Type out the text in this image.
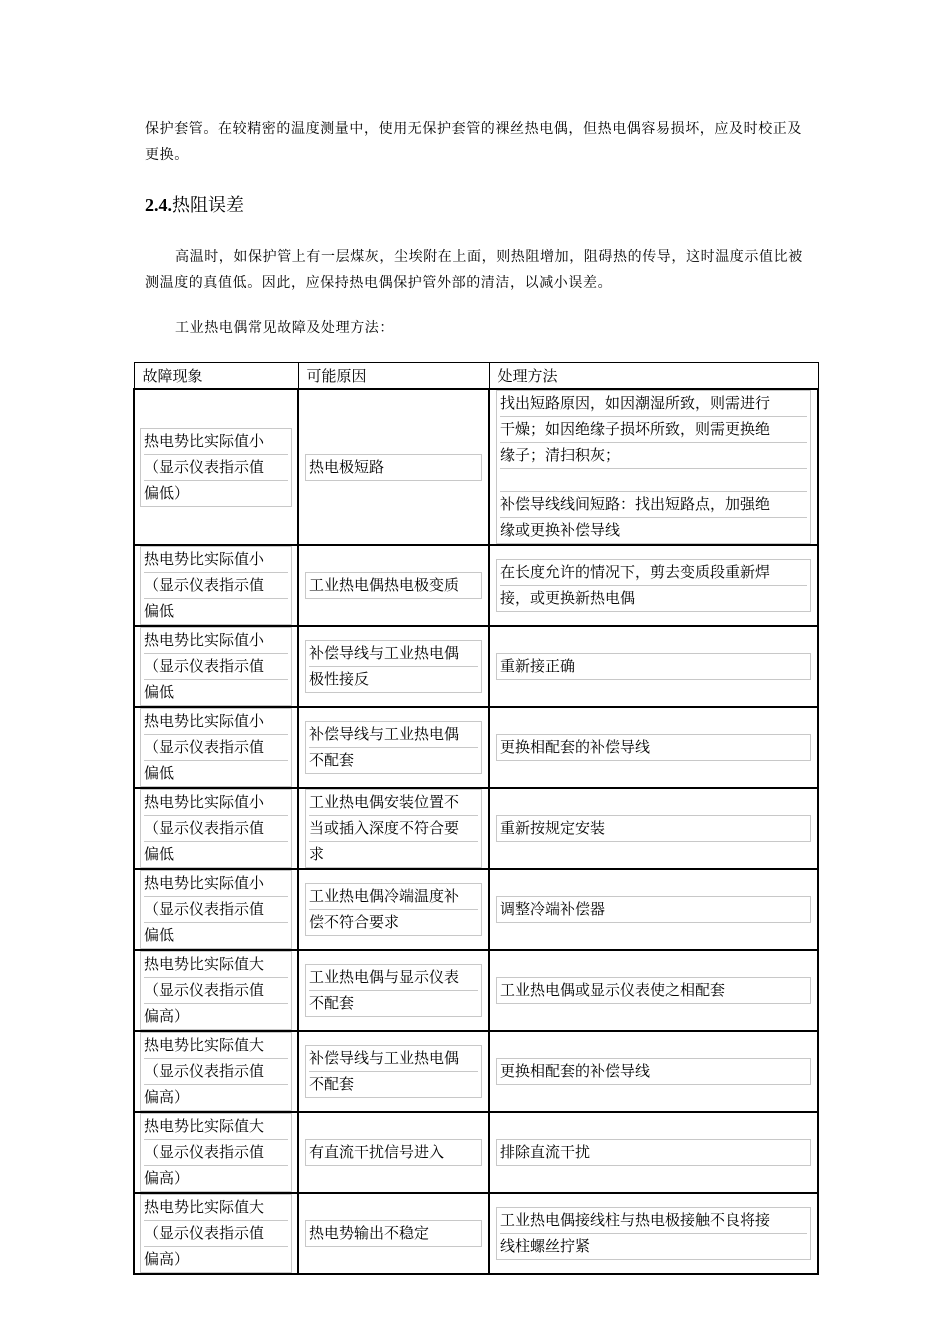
保护套管。在较精密的温度测量中，使用无保护套管的裸丝热电偶，但热电偶容易损坏，应及时校正及更换。
2.4.热阻误差
高温时，如保护管上有一层煤灰，尘埃附在上面，则热阻增加，阻碍热的传导，这时温度示值比被测温度的真值低。因此，应保持热电偶保护管外部的清洁，以减小误差。
工业热电偶常见故障及处理方法：
故障现象	可能原因	处理方法

热电势比实际值小
（显示仪表指示值
偏低）	热电极短路	找出短路原因，如因潮湿所致，则需进行
干燥；如因绝缘子损坏所致，则需更换绝
缘子；清扫积灰；
补偿导线线间短路：找出短路点，加强绝
缘或更换补偿导线

热电势比实际值小
（显示仪表指示值
偏低	工业热电偶热电极变质	在长度允许的情况下，剪去变质段重新焊
接，或更换新热电偶

热电势比实际值小
（显示仪表指示值
偏低	补偿导线与工业热电偶
极性接反	重新接正确

热电势比实际值小
（显示仪表指示值
偏低	补偿导线与工业热电偶
不配套	更换相配套的补偿导线

热电势比实际值小
（显示仪表指示值
偏低	工业热电偶安装位置不
当或插入深度不符合要
求	重新按规定安装

热电势比实际值小
（显示仪表指示值
偏低	工业热电偶冷端温度补
偿不符合要求	调整冷端补偿器

热电势比实际值大
（显示仪表指示值
偏高）	工业热电偶与显示仪表
不配套	工业热电偶或显示仪表使之相配套

热电势比实际值大
（显示仪表指示值
偏高）	补偿导线与工业热电偶
不配套	更换相配套的补偿导线

热电势比实际值大
（显示仪表指示值
偏高）	有直流干扰信号进入	排除直流干扰

热电势比实际值大
（显示仪表指示值
偏高）	热电势输出不稳定	工业热电偶接线柱与热电极接触不良将接
线柱螺丝拧紧
